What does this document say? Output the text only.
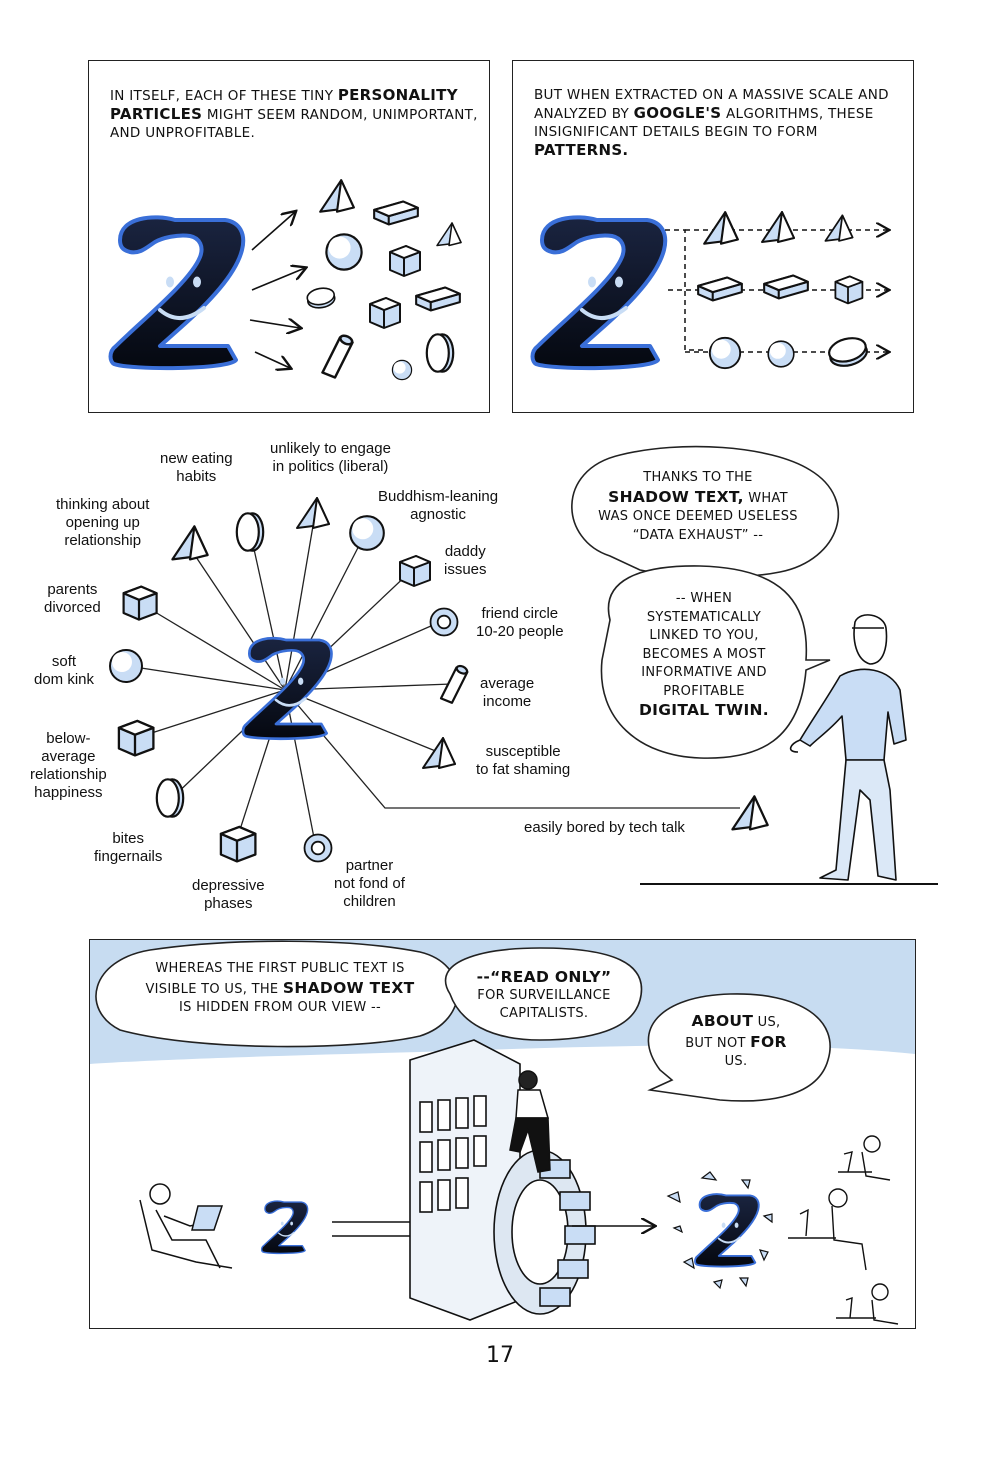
IN ITSELF, EACH OF THESE TINY PERSONALITY PARTICLES MIGHT SEEM RANDOM, UNIMPORTANT, AND UNPROFITABLE.
BUT WHEN EXTRACTED ON A MASSIVE SCALE AND ANALYZED BY GOOGLE'S ALGORITHMS, THESE INSIGNIFICANT DETAILS BEGIN TO FORM PATTERNS.
new eating
habits
unlikely to engage
in politics (liberal)
Buddhism-leaning
agnostic
thinking about
opening up
relationship
daddy
issues
parents
divorced	friend circle
10-20 people
soft
dom kink	average
income
below-
average
relationship
happiness
susceptible
to fat shaming
easily bored by tech talk
bites
fingernails
depressive
phases
partner
not fond of
children
THANKS TO THE
SHADOW TEXT, WHAT WAS ONCE DEEMED USELESS “DATA EXHAUST” --
-- WHEN SYSTEMATICALLY LINKED TO YOU, BECOMES A MOST INFORMATIVE AND PROFITABLE
DIGITAL TWIN.
WHEREAS THE FIRST PUBLIC TEXT IS VISIBLE TO US, THE SHADOW TEXT IS HIDDEN FROM OUR VIEW --
--“READ ONLY”
FOR SURVEILLANCE CAPITALISTS.	ABOUT US, BUT NOT FOR US.
17
